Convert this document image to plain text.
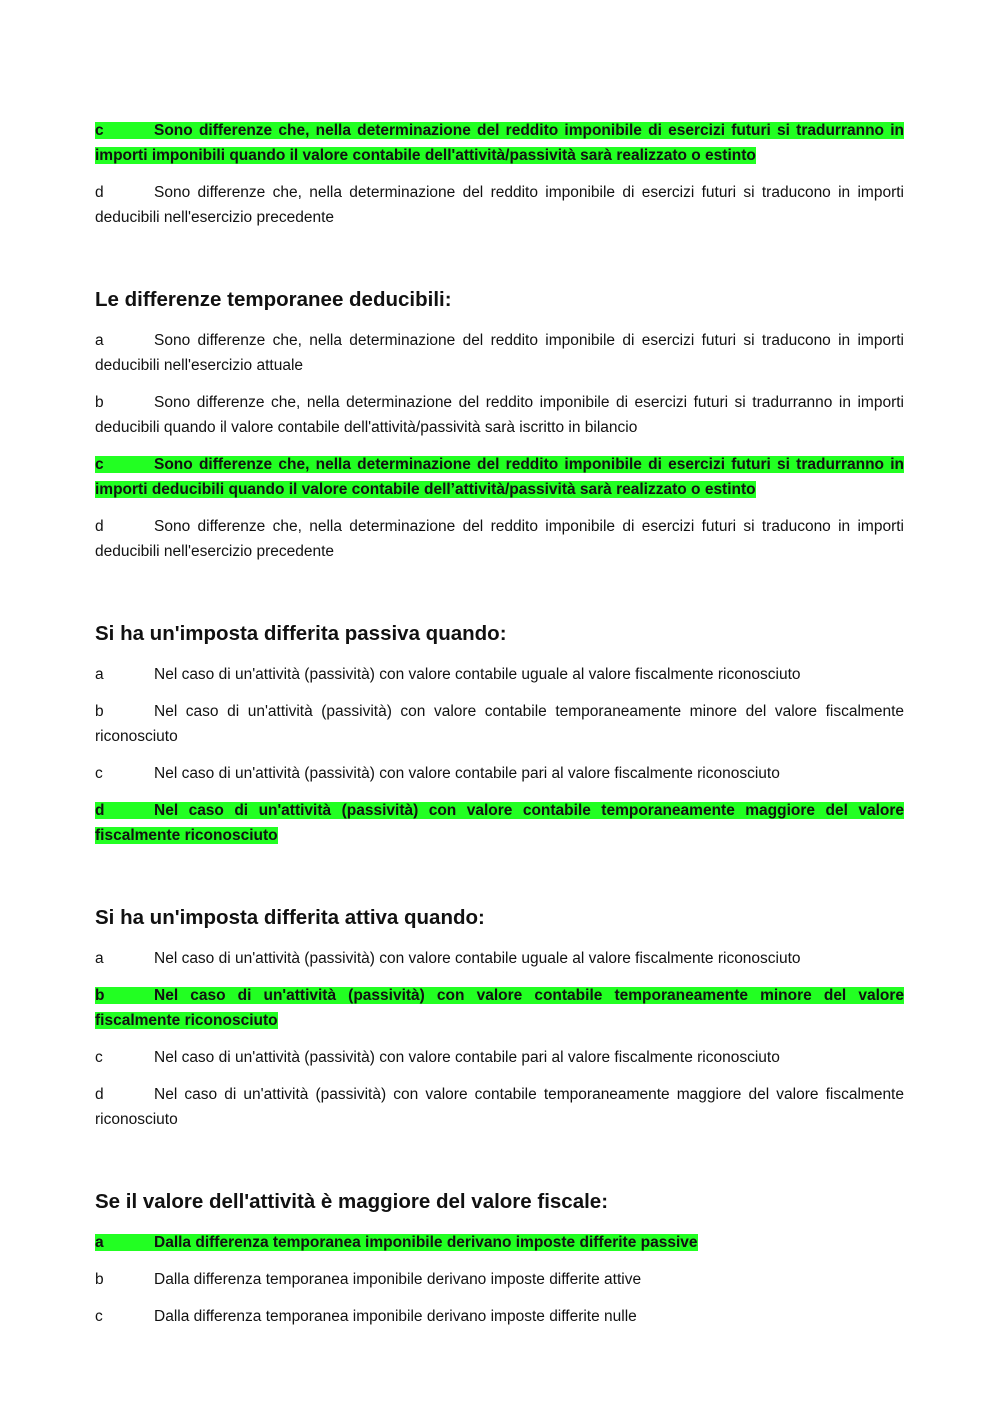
c	Sono differenze che, nella determinazione del reddito imponibile di esercizi futuri si tradurranno in importi imponibili quando il valore contabile dell'attività/passività sarà realizzato o estinto

d	Sono differenze che, nella determinazione del reddito imponibile di esercizi futuri si traducono in importi deducibili nell'esercizio precedente

Le differenze temporanee deducibili:

a	Sono differenze che, nella determinazione del reddito imponibile di esercizi futuri si traducono in importi deducibili nell'esercizio attuale

b	Sono differenze che, nella determinazione del reddito imponibile di esercizi futuri si tradurranno in importi deducibili quando il valore contabile dell'attività/passività sarà iscritto in bilancio

c	Sono differenze che, nella determinazione del reddito imponibile di esercizi futuri si tradurranno in importi deducibili quando il valore contabile dell’attività/passività sarà realizzato o estinto

d	Sono differenze che, nella determinazione del reddito imponibile di esercizi futuri si traducono in importi deducibili nell'esercizio precedente

Si ha un'imposta differita passiva quando:

a	Nel caso di un'attività (passività) con valore contabile uguale al valore fiscalmente riconosciuto

b	Nel caso di un'attività (passività) con valore contabile temporaneamente minore del valore fiscalmente riconosciuto

c	Nel caso di un'attività (passività) con valore contabile pari al valore fiscalmente riconosciuto

d	Nel caso di un'attività (passività) con valore contabile temporaneamente maggiore del valore fiscalmente riconosciuto

Si ha un'imposta differita attiva quando:

a	Nel caso di un'attività (passività) con valore contabile uguale al valore fiscalmente riconosciuto

b	Nel caso di un'attività (passività) con valore contabile temporaneamente minore del valore fiscalmente riconosciuto

c	Nel caso di un'attività (passività) con valore contabile pari al valore fiscalmente riconosciuto

d	Nel caso di un'attività (passività) con valore contabile temporaneamente maggiore del valore fiscalmente riconosciuto

Se il valore dell'attività è maggiore del valore fiscale:

a	Dalla differenza temporanea imponibile derivano imposte differite passive

b	Dalla differenza temporanea imponibile derivano imposte differite attive

c	Dalla differenza temporanea imponibile derivano imposte differite nulle
